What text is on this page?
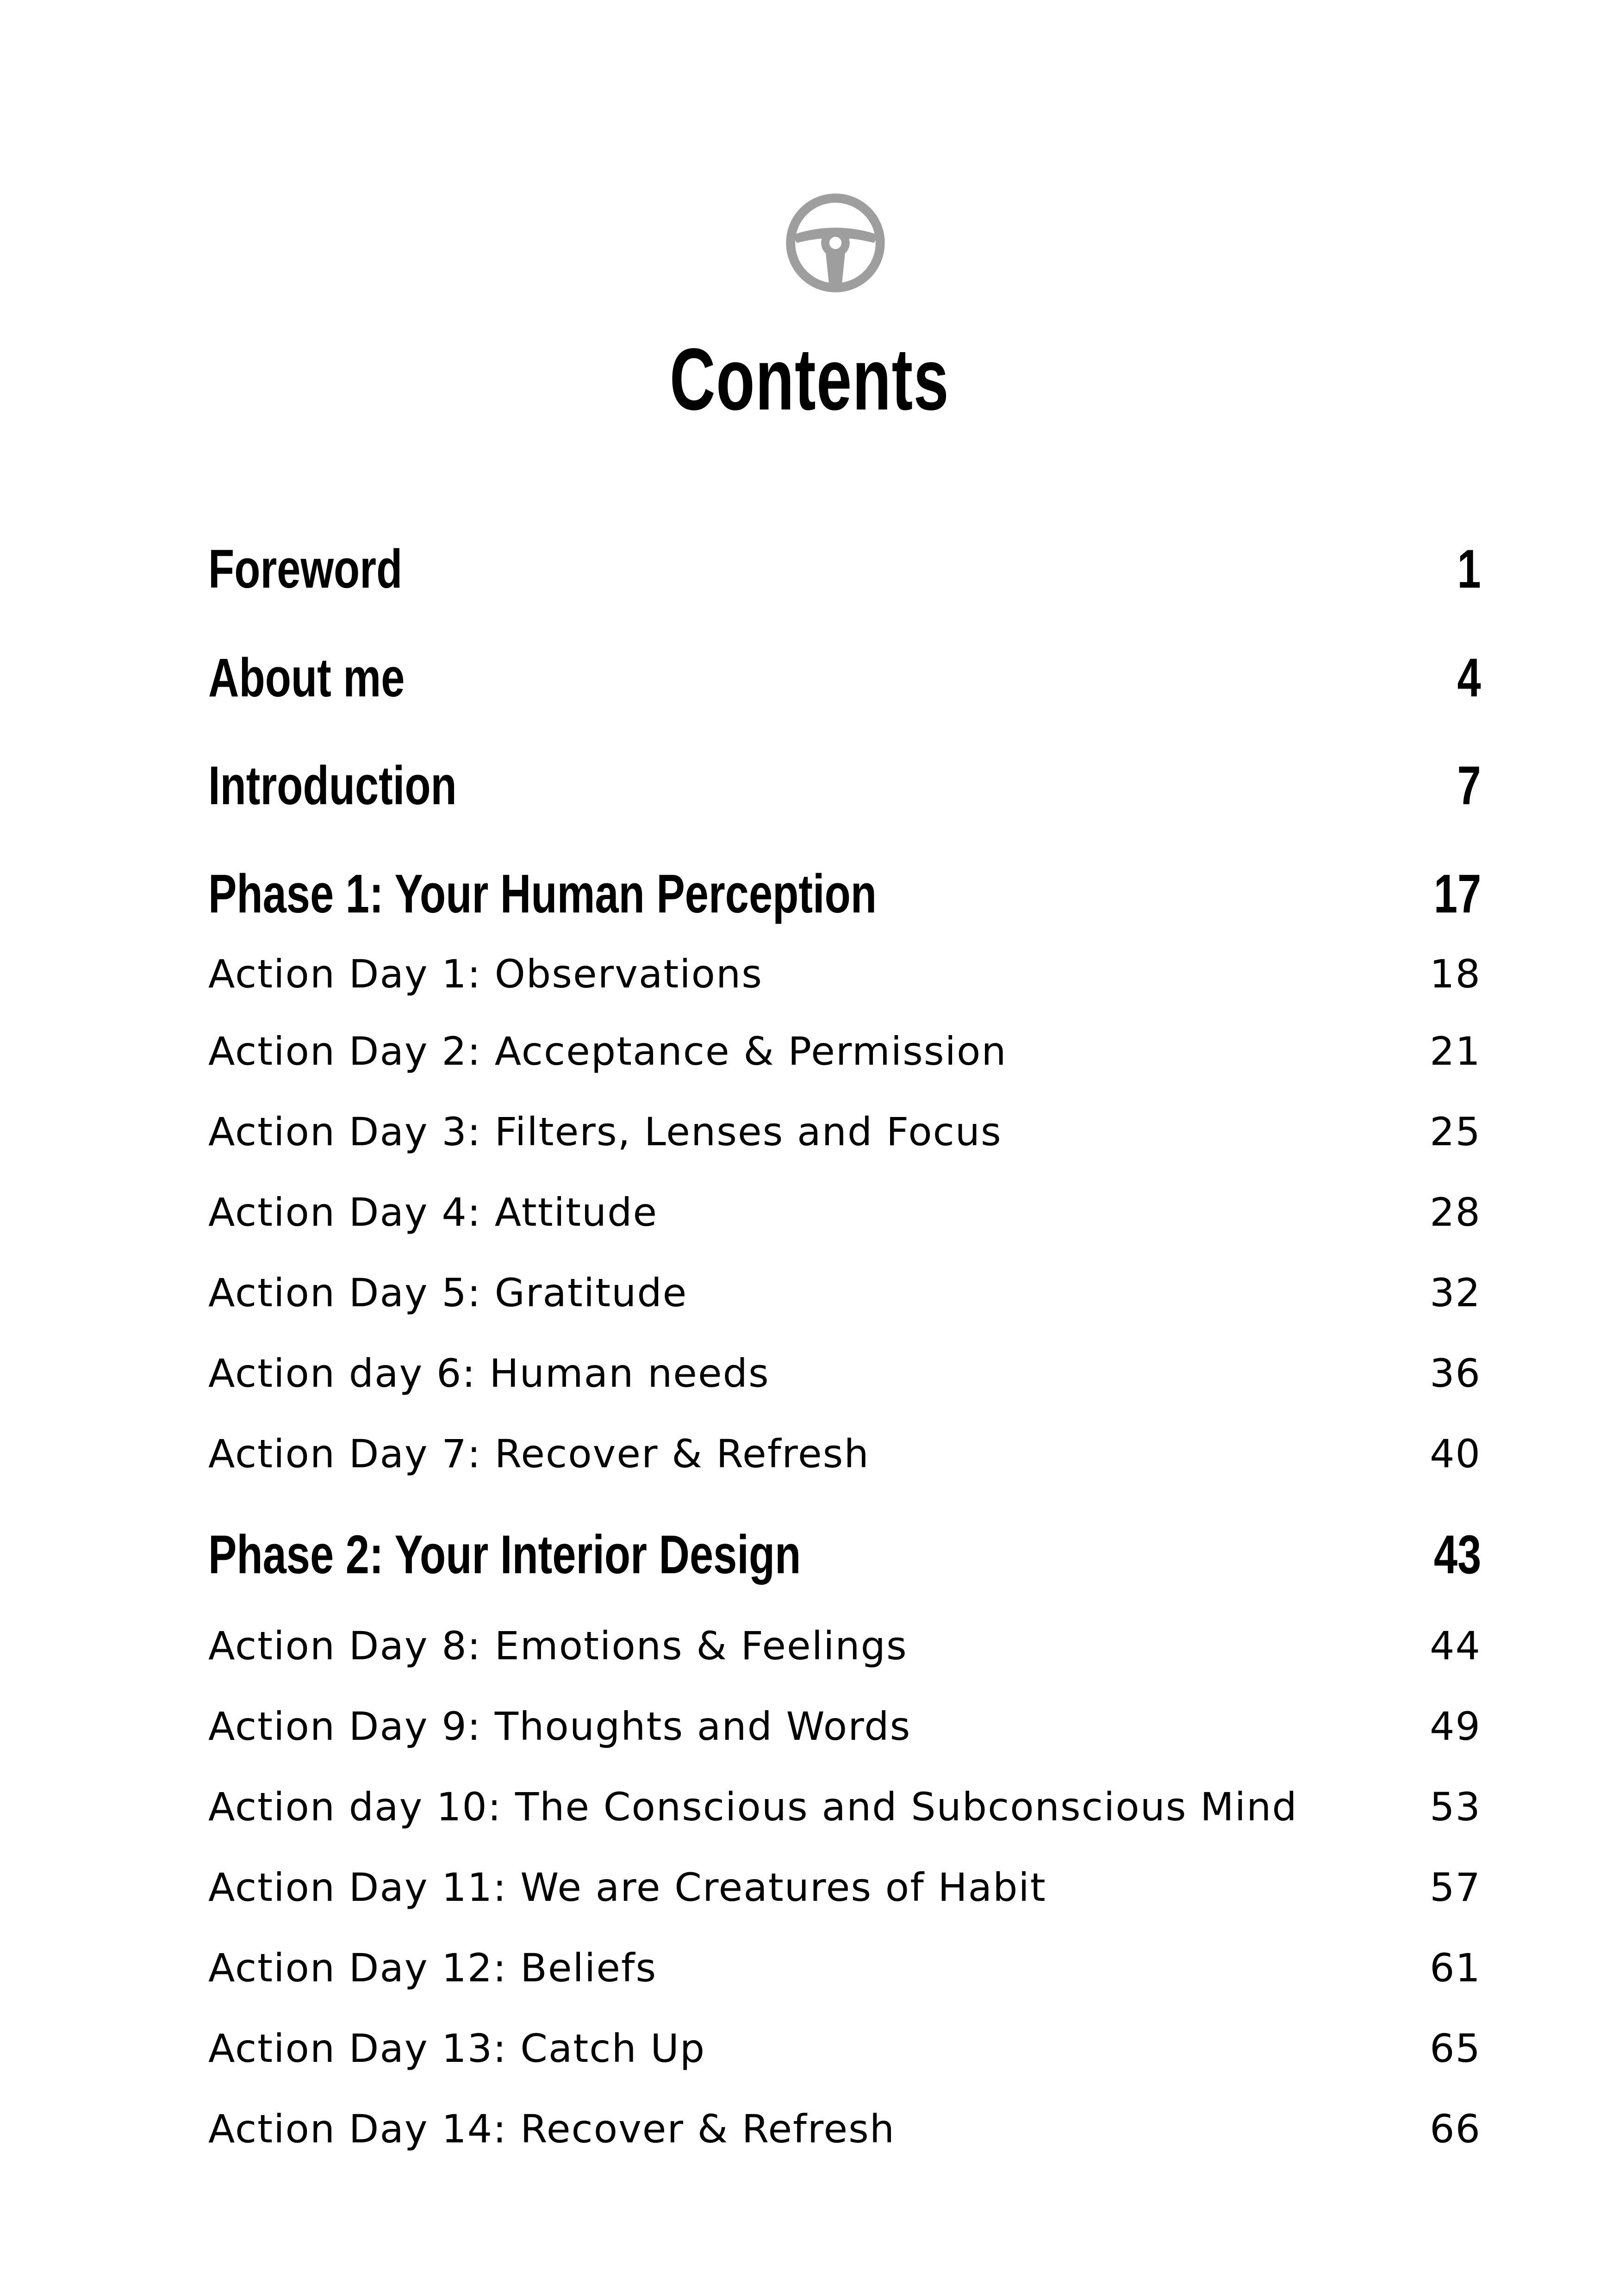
Contents
Foreword	1
About me	4
Introduction	7
Phase 1: Your Human Perception	17
Action Day 1: Observations	18
Action Day 2: Acceptance & Permission	21
Action Day 3: Filters, Lenses and Focus	25
Action Day 4: Attitude	28
Action Day 5: Gratitude	32
Action day 6: Human needs	36
Action Day 7: Recover & Refresh	40
Phase 2: Your Interior Design	43
Action Day 8: Emotions & Feelings	44
Action Day 9: Thoughts and Words	49
Action day 10: The Conscious and Subconscious Mind	53
Action Day 11: We are Creatures of Habit	57
Action Day 12: Beliefs	61
Action Day 13: Catch Up	65
Action Day 14: Recover & Refresh	66
